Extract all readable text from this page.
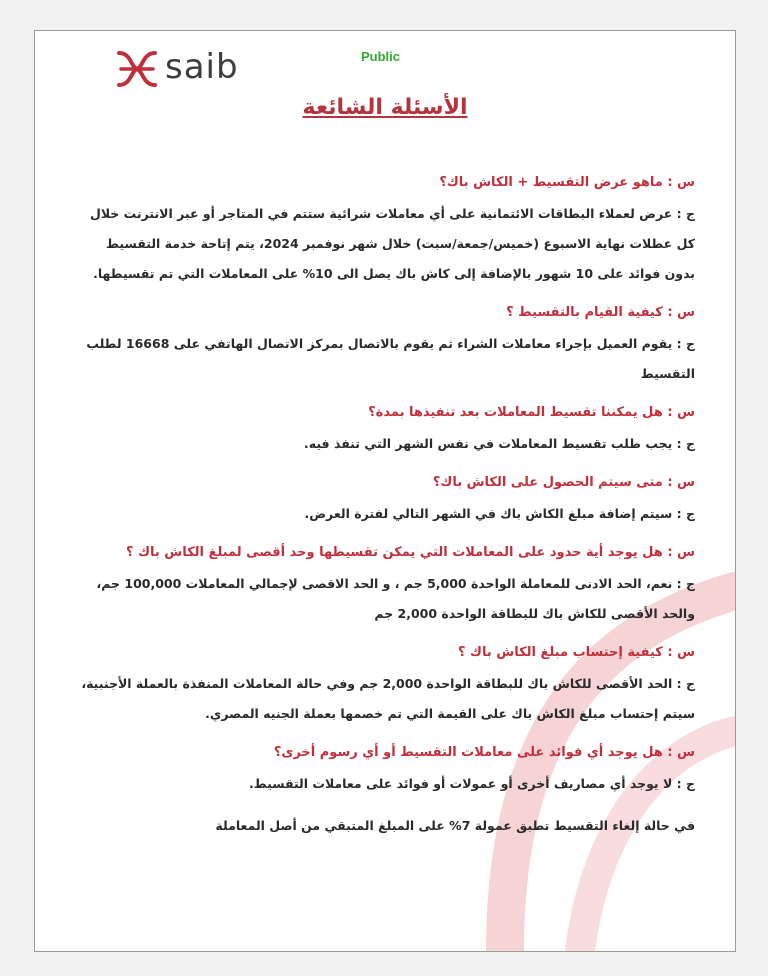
saib	Public
الأسئلة الشائعة

س : ماهو عرض التقسيط + الكاش باك؟

ج : عرض لعملاء البطاقات الائتمانية على أي معاملات شرائية ستتم في المتاجر أو عبر الانترنت خلال كل عطلات نهاية الاسبوع (خميس/جمعة/سبت) خلال شهر نوفمبر 2024، يتم إتاحة خدمة التقسيط بدون فوائد على 10 شهور بالإضافة إلى كاش باك يصل الى 10% على المعاملات التي تم تقسيطها.

س : كيفية القيام بالتقسيط ؟

ج : يقوم العميل بإجراء معاملات الشراء ثم يقوم بالاتصال بمركز الاتصال الهاتفي على 16668 لطلب التقسيط

س : هل يمكننا تقسيط المعاملات بعد تنفيذها بمدة؟

ج : يجب طلب تقسيط المعاملات في نفس الشهر التي تنفذ فيه.

س : متى سيتم الحصول على الكاش باك؟

ج : سيتم إضافة مبلغ الكاش باك في الشهر التالي لفترة العرض.

س : هل يوجد أية حدود على المعاملات التي يمكن تقسيطها وحد أقصى لمبلغ الكاش باك ؟

ج : نعم، الحد الادنى للمعاملة الواحدة 5,000 جم ، و الحد الاقصى لإجمالي المعاملات 100,000 جم، والحد الأقصى للكاش باك للبطاقة الواحدة 2,000 جم

س : كيفية إحتساب مبلغ الكاش باك ؟

ج : الحد الأقصى للكاش باك للبطاقة الواحدة 2,000 جم وفي حالة المعاملات المنفذة بالعملة الأجنبية، سيتم إحتساب مبلغ الكاش باك على القيمة التي تم خصمها بعملة الجنيه المصري.

س : هل يوجد أي فوائد على معاملات التقسيط أو أي رسوم أخرى؟

ج : لا يوجد أي مصاريف أخرى أو عمولات أو فوائد على معاملات التقسيط.

في حالة إلغاء التقسيط تطبق عمولة 7% على المبلغ المتبقي من أصل المعاملة
